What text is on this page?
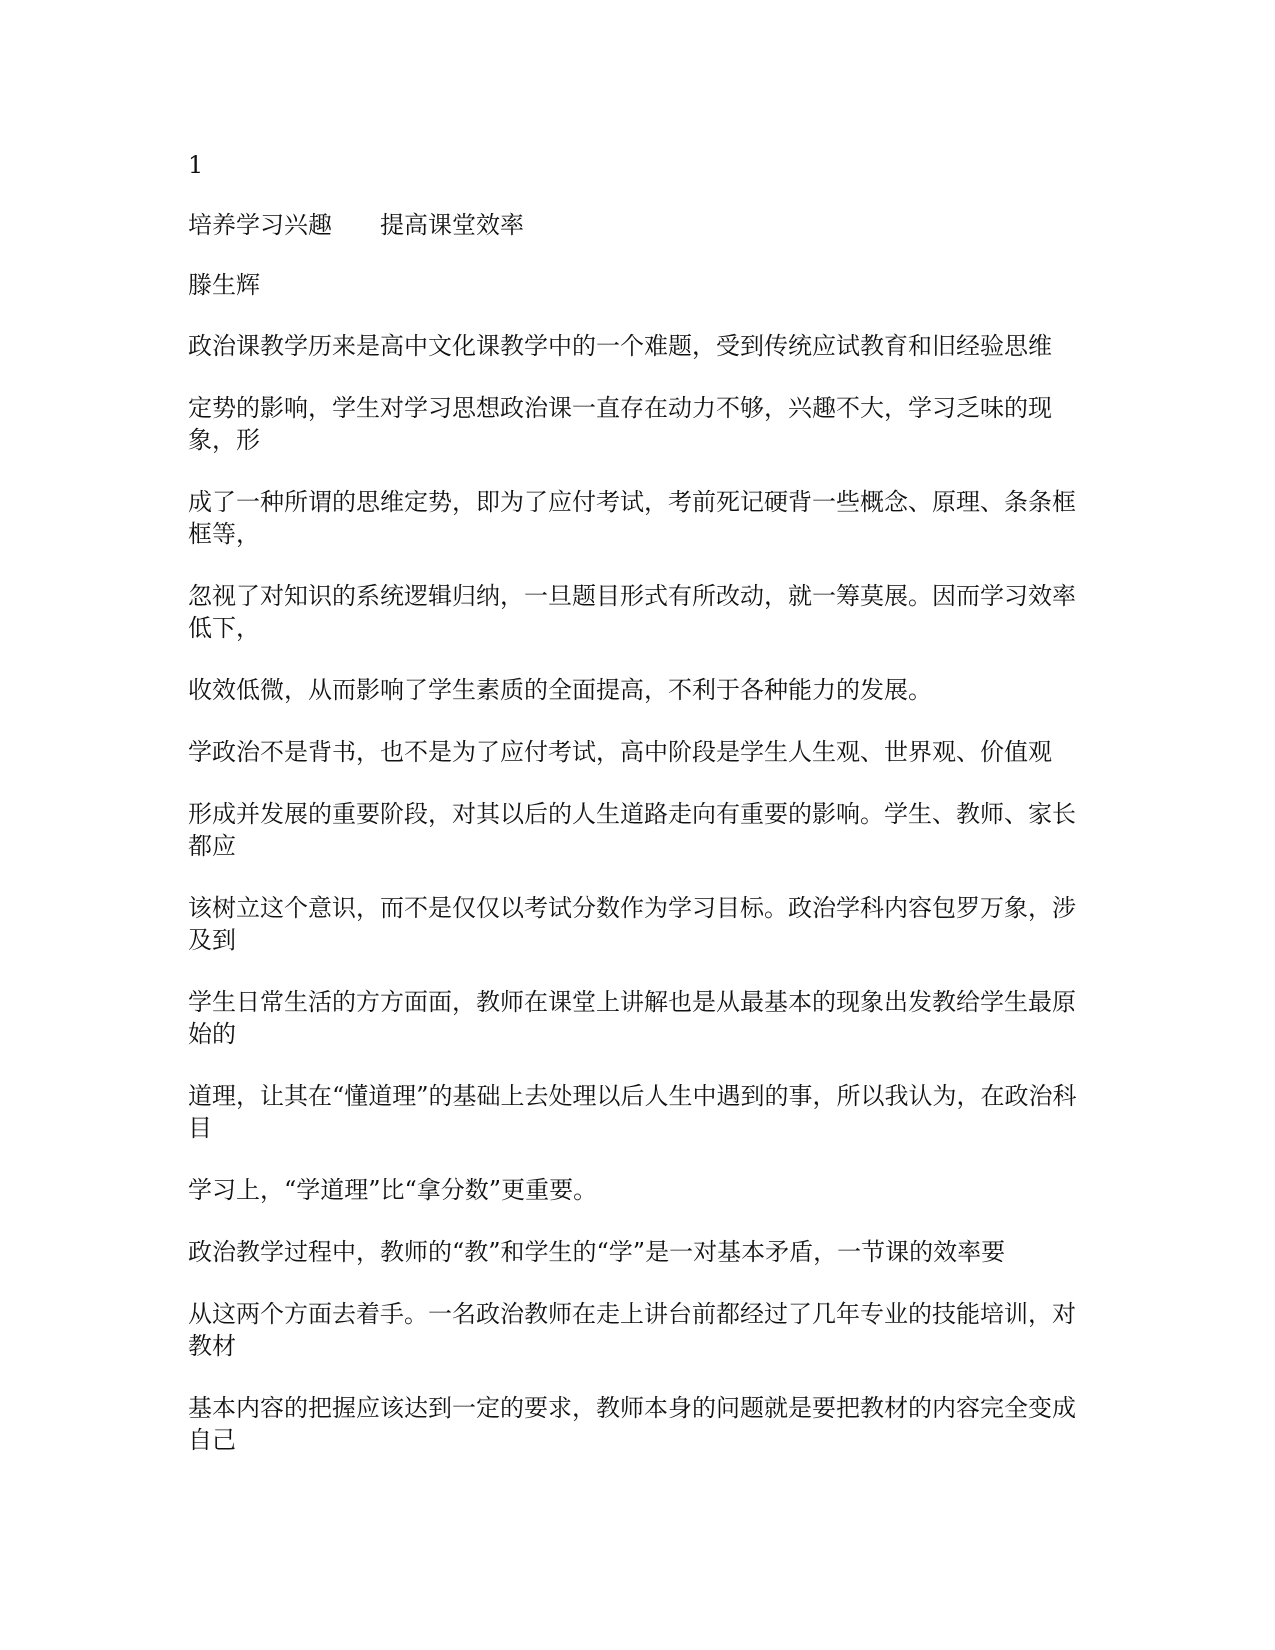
1
培养学习兴趣　　提高课堂效率
滕生辉
政治课教学历来是高中文化课教学中的一个难题，受到传统应试教育和旧经验思维
定势的影响，学生对学习思想政治课一直存在动力不够，兴趣不大，学习乏味的现象，形
成了一种所谓的思维定势，即为了应付考试，考前死记硬背一些概念、原理、条条框框等，
忽视了对知识的系统逻辑归纳，一旦题目形式有所改动，就一筹莫展。因而学习效率低下，
收效低微，从而影响了学生素质的全面提高，不利于各种能力的发展。
学政治不是背书，也不是为了应付考试，高中阶段是学生人生观、世界观、价值观
形成并发展的重要阶段，对其以后的人生道路走向有重要的影响。学生、教师、家长都应
该树立这个意识，而不是仅仅以考试分数作为学习目标。政治学科内容包罗万象，涉及到
学生日常生活的方方面面，教师在课堂上讲解也是从最基本的现象出发教给学生最原始的
道理，让其在“懂道理”的基础上去处理以后人生中遇到的事，所以我认为，在政治科目
学习上，“学道理”比“拿分数”更重要。
政治教学过程中，教师的“教”和学生的“学”是一对基本矛盾，一节课的效率要
从这两个方面去着手。一名政治教师在走上讲台前都经过了几年专业的技能培训，对教材
基本内容的把握应该达到一定的要求，教师本身的问题就是要把教材的内容完全变成自己
